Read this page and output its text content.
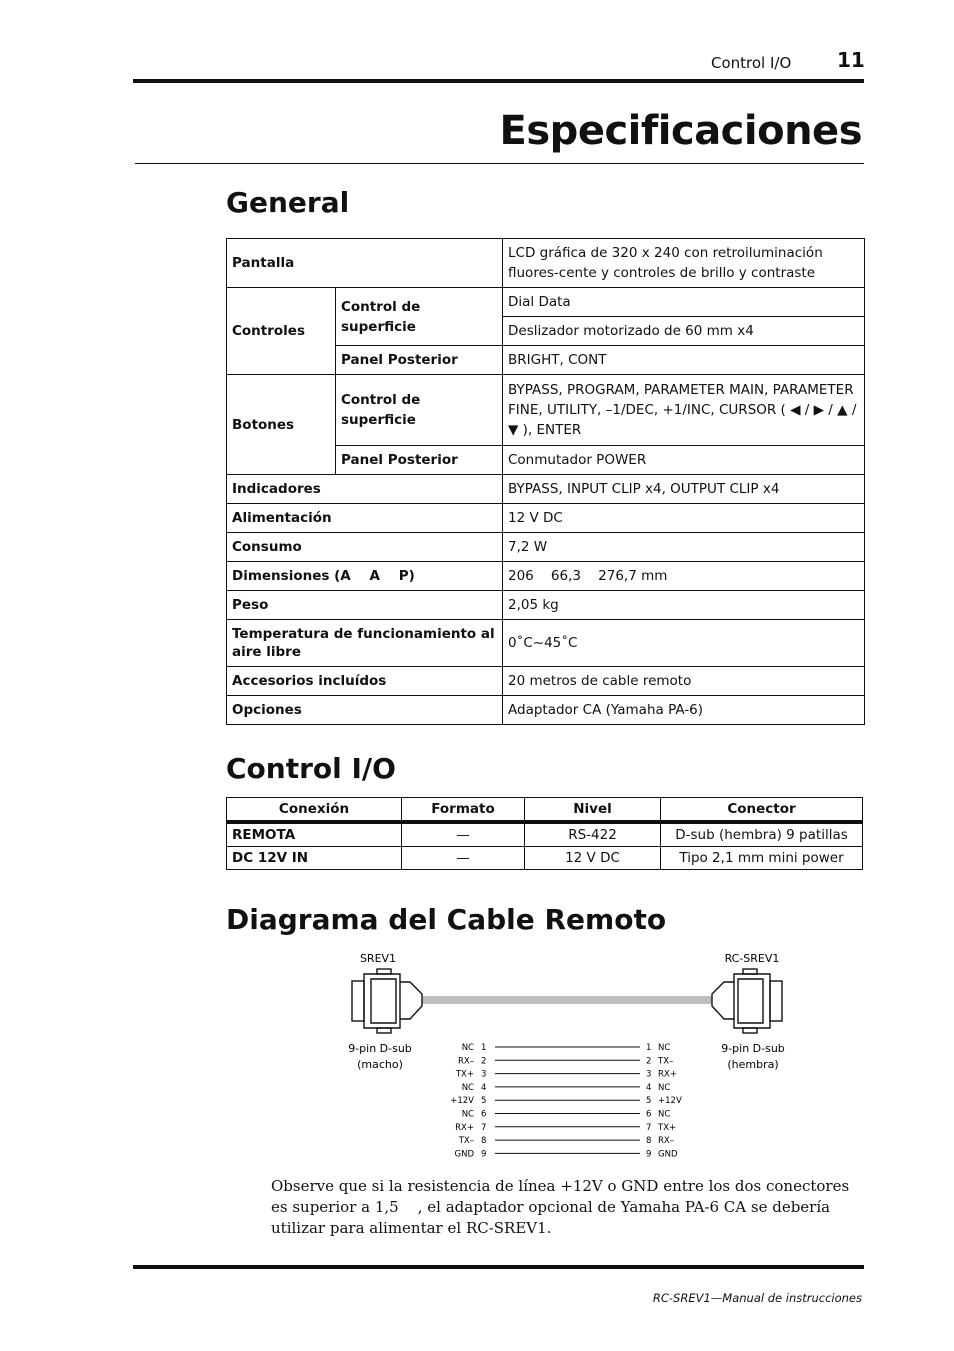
Control I/O 11
Especificaciones
General
Pantalla		LCD gráfica de 320 x 240 con retroiluminación fluores-cente y controles de brillo y contraste
Controles	Control de superficie	Dial Data
		Deslizador motorizado de 60 mm x4
	Panel Posterior	BRIGHT, CONT
Botones	Control de superficie	BYPASS, PROGRAM, PARAMETER MAIN, PARAMETER FINE, UTILITY, –1/DEC, +1/INC, CURSOR ( ◀ / ▶ / ▲ / ▼ ), ENTER
	Panel Posterior	Conmutador POWER
Indicadores		BYPASS, INPUT CLIP x4, OUTPUT CLIP x4
Alimentación		12 V DC
Consumo		7,2 W
Dimensiones (A    A    P)		206    66,3    276,7 mm
Peso		2,05 kg
Temperatura de funcionamiento al aire libre		0˚C~45˚C
Accesorios incluídos		20 metros de cable remoto
Opciones		Adaptador CA (Yamaha PA-6)
Control I/O
Conexión	Formato	Nivel	Conector
REMOTA	—	RS-422	D-sub (hembra) 9 patillas
DC 12V IN	—	12 V DC	Tipo 2,1 mm mini power
Diagrama del Cable Remoto
SREV1	RC-SREV1
9-pin D-sub
(macho)
9-pin D-sub
(hembra)
NC 1	1 NC
RX– 2	2 TX–
TX+ 3	3 RX+
NC 4	4 NC
+12V 5	5 +12V
NC 6	6 NC
RX+ 7	7 TX+
TX– 8	8 RX–
GND 9	9 GND
Observe que si la resistencia de línea +12V o GND entre los dos conectores es superior a 1,5    , el adaptador opcional de Yamaha PA-6 CA se debería utilizar para alimentar el RC-SREV1.
RC-SREV1—Manual de instrucciones
